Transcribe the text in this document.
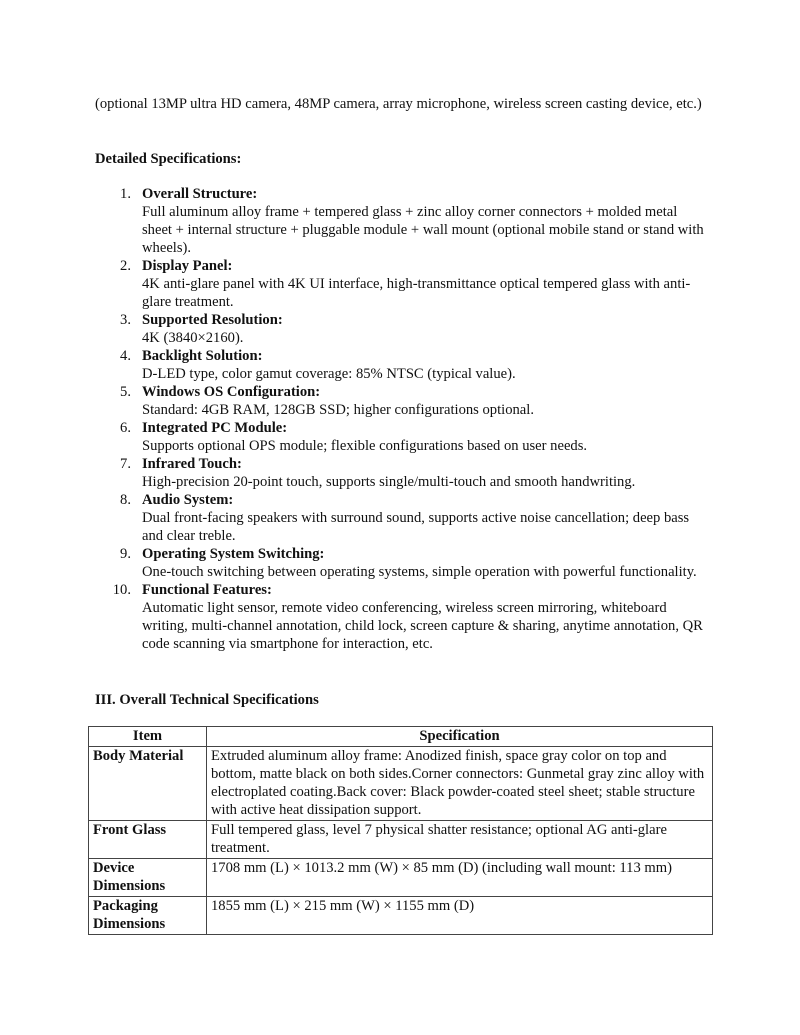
(optional 13MP ultra HD camera, 48MP camera, array microphone, wireless screen casting device, etc.)

Detailed Specifications:
1. Overall Structure:
Full aluminum alloy frame + tempered glass + zinc alloy corner connectors + molded metal sheet + internal structure + pluggable module + wall mount (optional mobile stand or stand with wheels).
2. Display Panel:
4K anti-glare panel with 4K UI interface, high-transmittance optical tempered glass with anti-glare treatment.
3. Supported Resolution:
4K (3840×2160).
4. Backlight Solution:
D-LED type, color gamut coverage: 85% NTSC (typical value).
5. Windows OS Configuration:
Standard: 4GB RAM, 128GB SSD; higher configurations optional.
6. Integrated PC Module:
Supports optional OPS module; flexible configurations based on user needs.
7. Infrared Touch:
High-precision 20-point touch, supports single/multi-touch and smooth handwriting.
8. Audio System:
Dual front-facing speakers with surround sound, supports active noise cancellation; deep bass and clear treble.
9. Operating System Switching:
One-touch switching between operating systems, simple operation with powerful functionality.
10. Functional Features:
Automatic light sensor, remote video conferencing, wireless screen mirroring, whiteboard writing, multi-channel annotation, child lock, screen capture & sharing, anytime annotation, QR code scanning via smartphone for interaction, etc.
III. Overall Technical Specifications
Item	Specification
Body Material	Extruded aluminum alloy frame: Anodized finish, space gray color on top and bottom, matte black on both sides.Corner connectors: Gunmetal gray zinc alloy with electroplated coating.Back cover: Black powder-coated steel sheet; stable structure with active heat dissipation support.
Front Glass	Full tempered glass, level 7 physical shatter resistance; optional AG anti-glare treatment.
Device Dimensions	1708 mm (L) × 1013.2 mm (W) × 85 mm (D) (including wall mount: 113 mm)
Packaging Dimensions	1855 mm (L) × 215 mm (W) × 1155 mm (D)
